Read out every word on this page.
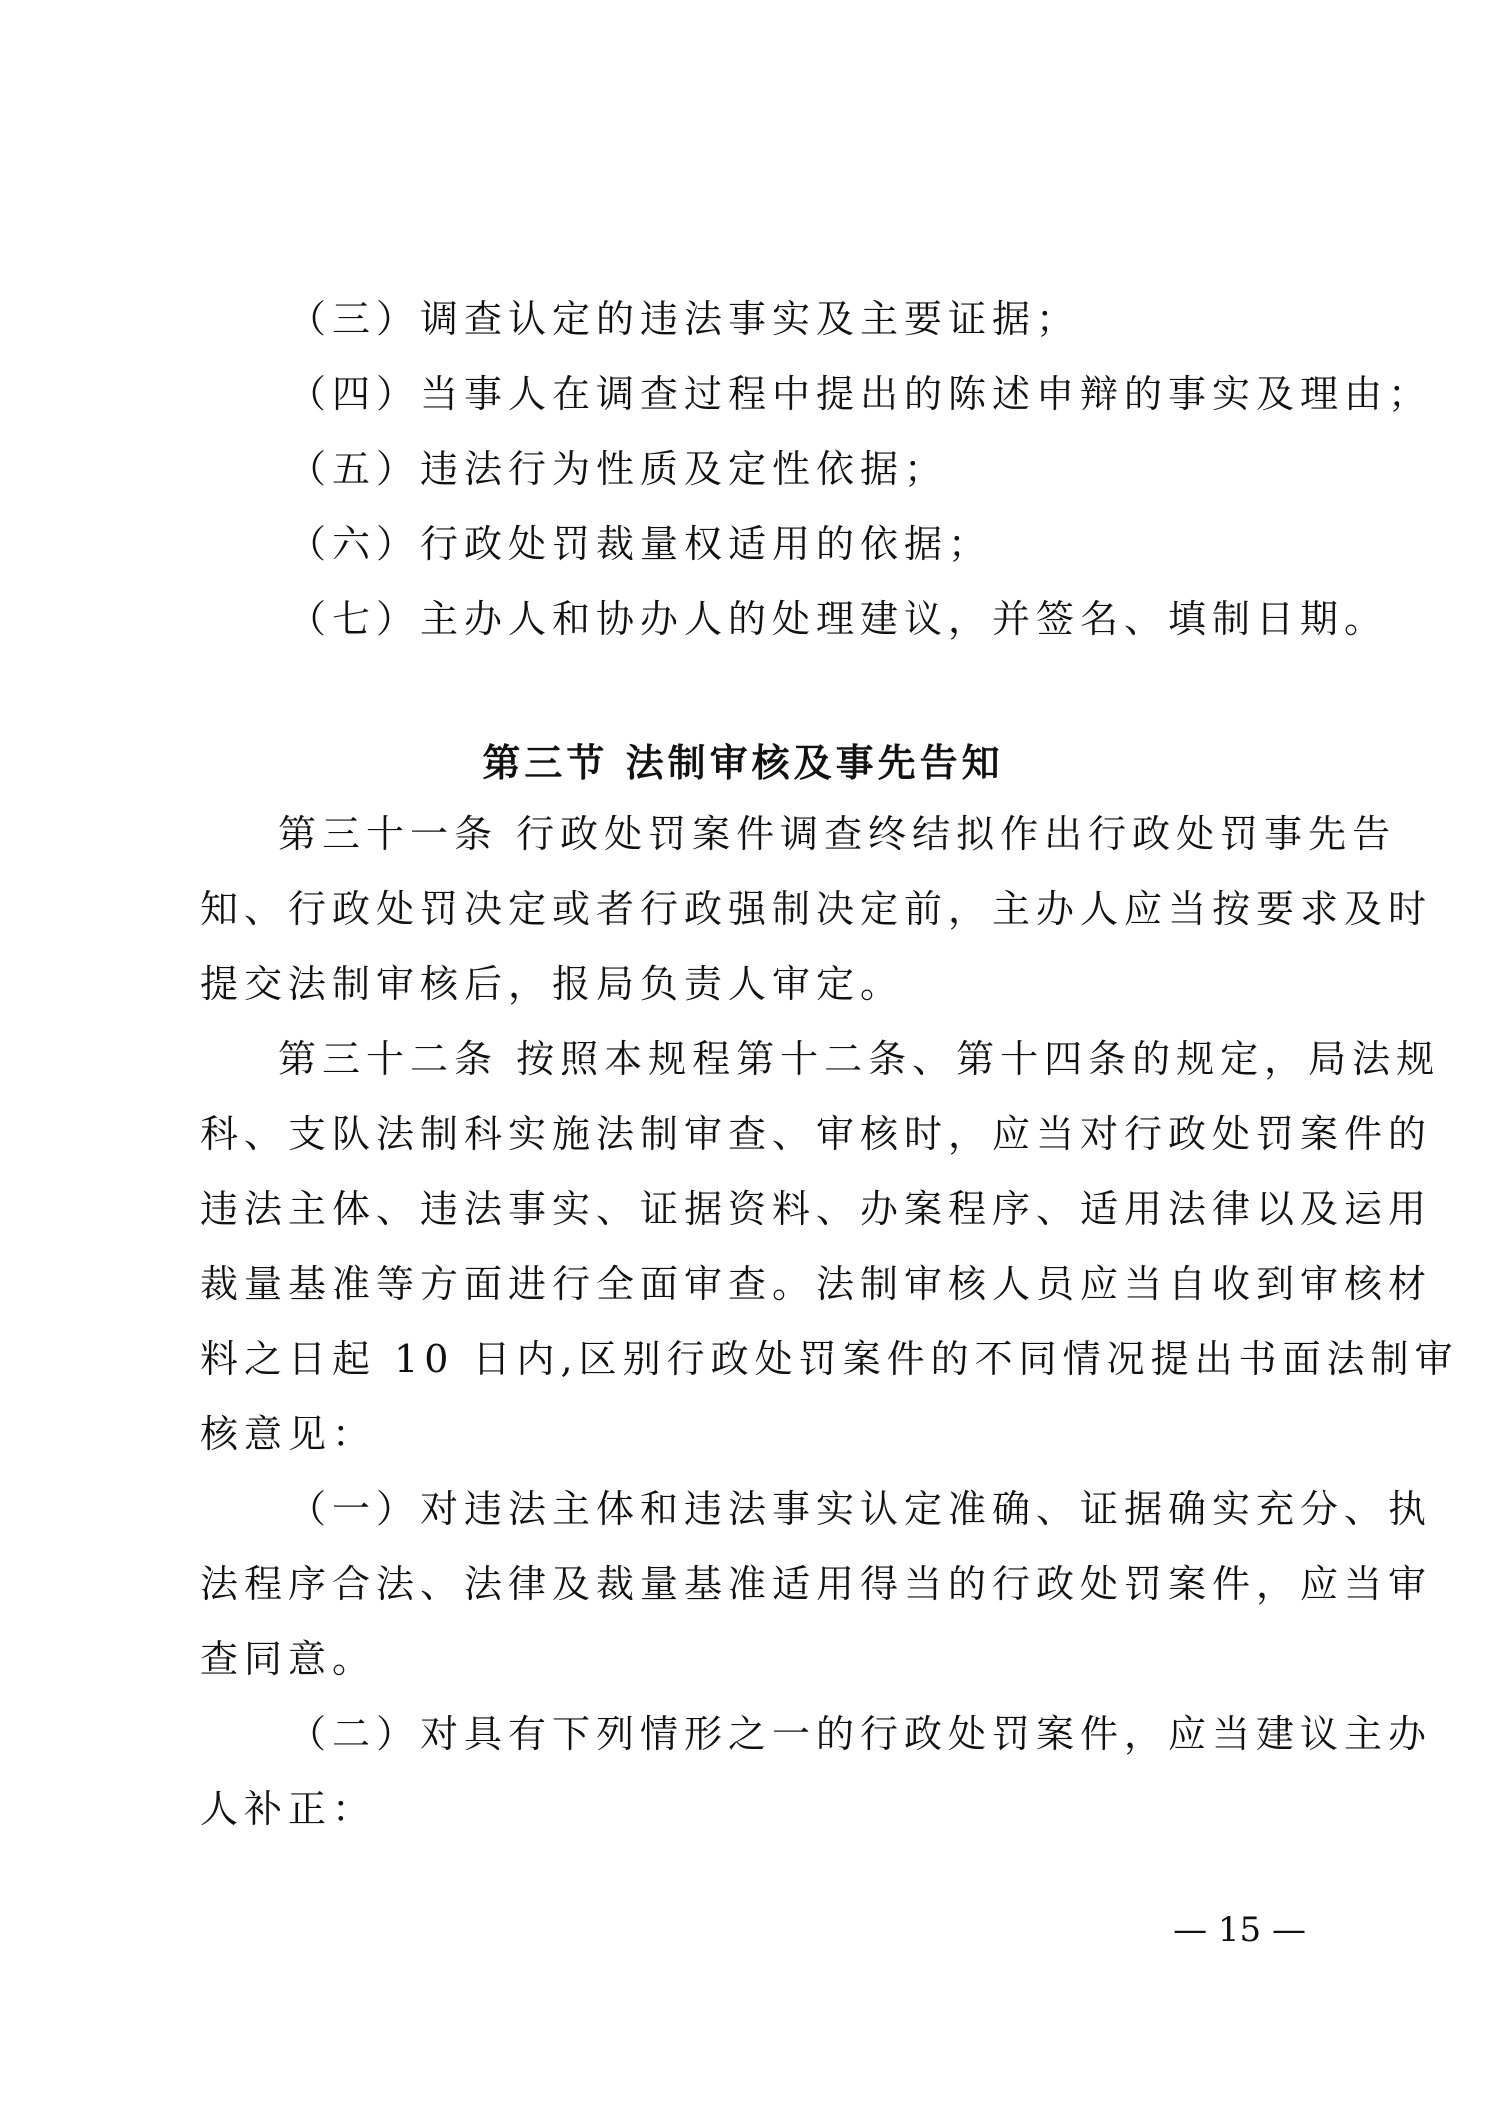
（三）调查认定的违法事实及主要证据；
（四）当事人在调查过程中提出的陈述申辩的事实及理由；
（五）违法行为性质及定性依据；
（六）行政处罚裁量权适用的依据；
（七）主办人和协办人的处理建议，并签名、填制日期。
第三节 法制审核及事先告知
第三十一条 行政处罚案件调查终结拟作出行政处罚事先告
知、行政处罚决定或者行政强制决定前，主办人应当按要求及时
提交法制审核后，报局负责人审定。
第三十二条 按照本规程第十二条、第十四条的规定，局法规
科、支队法制科实施法制审查、审核时，应当对行政处罚案件的
违法主体、违法事实、证据资料、办案程序、适用法律以及运用
裁量基准等方面进行全面审查。法制审核人员应当自收到审核材
料之日起 10 日内,区别行政处罚案件的不同情况提出书面法制审
核意见：
（一）对违法主体和违法事实认定准确、证据确实充分、执
法程序合法、法律及裁量基准适用得当的行政处罚案件，应当审
查同意。
（二）对具有下列情形之一的行政处罚案件，应当建议主办
人补正：
— 15 —
